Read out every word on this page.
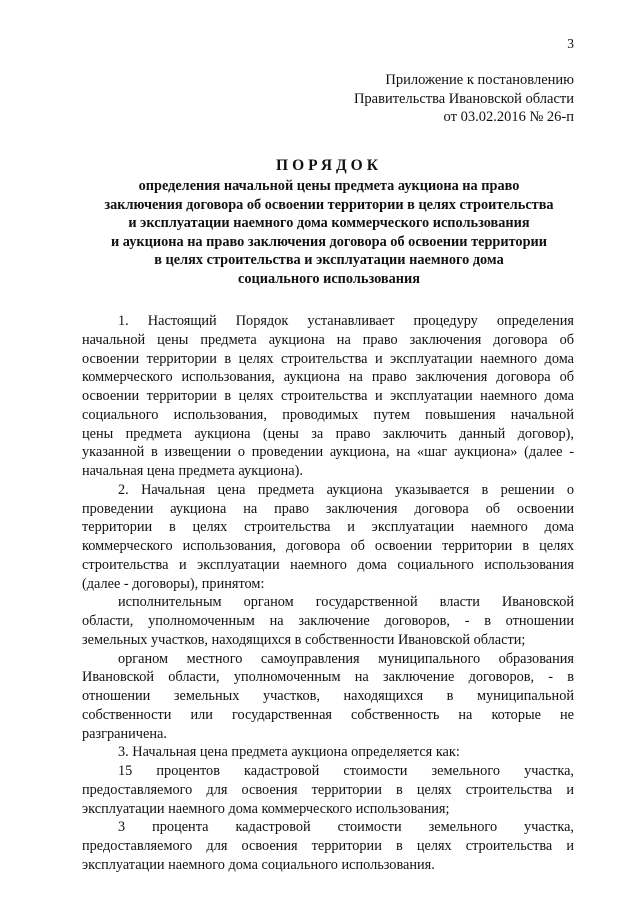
3
Приложение к постановлению
Правительства Ивановской области
от 03.02.2016 № 26-п
ПОРЯДОК
определения начальной цены предмета аукциона на право
заключения договора об освоении территории в целях строительства
и эксплуатации наемного дома коммерческого использования
и аукциона на право заключения договора об освоении территории
в целях строительства и эксплуатации наемного дома
социального использования
1. Настоящий Порядок устанавливает процедуру определения
начальной цены предмета аукциона на право заключения договора об
освоении территории в целях строительства и эксплуатации наемного дома
коммерческого использования, аукциона на право заключения договора об
освоении территории в целях строительства и эксплуатации наемного дома
социального использования, проводимых путем повышения начальной
цены предмета аукциона (цены за право заключить данный договор),
указанной в извещении о проведении аукциона, на «шаг аукциона» (далее -
начальная цена предмета аукциона).
2. Начальная цена предмета аукциона указывается в решении о
проведении аукциона на право заключения договора об освоении
территории в целях строительства и эксплуатации наемного дома
коммерческого использования, договора об освоении территории в целях
строительства и эксплуатации наемного дома социального использования
(далее - договоры), принятом:
исполнительным органом государственной власти Ивановской
области, уполномоченным на заключение договоров, - в отношении
земельных участков, находящихся в собственности Ивановской области;
органом местного самоуправления муниципального образования
Ивановской области, уполномоченным на заключение договоров, - в
отношении земельных участков, находящихся в муниципальной
собственности или государственная собственность на которые не
разграничена.
3. Начальная цена предмета аукциона определяется как:
15 процентов кадастровой стоимости земельного участка,
предоставляемого для освоения территории в целях строительства и
эксплуатации наемного дома коммерческого использования;
3 процента кадастровой стоимости земельного участка,
предоставляемого для освоения территории в целях строительства и
эксплуатации наемного дома социального использования.
